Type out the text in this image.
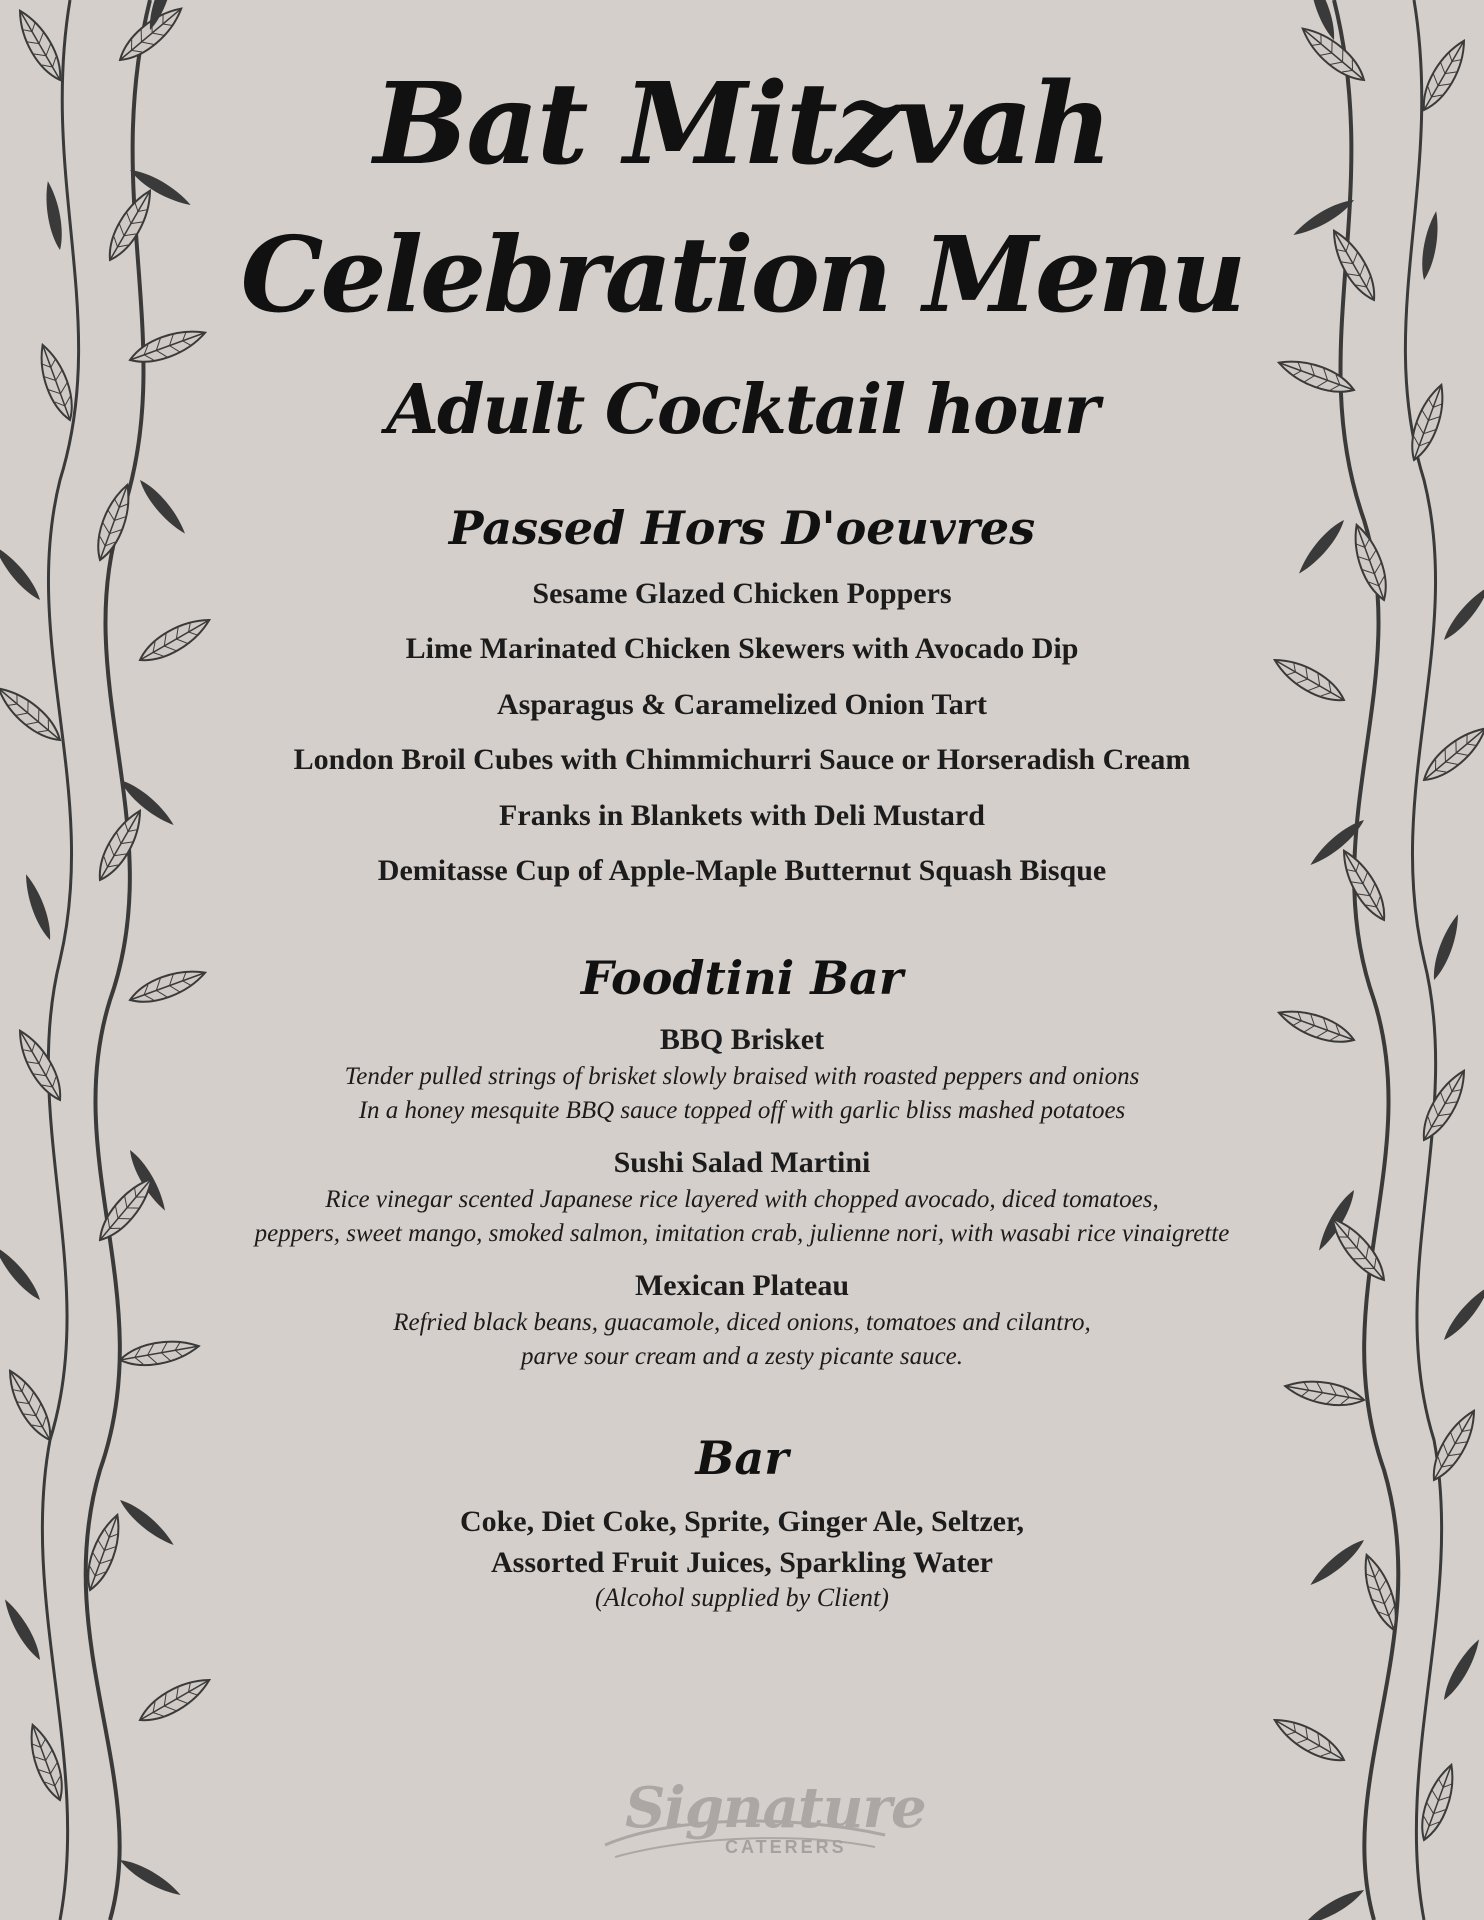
Bat Mitzvah
Celebration Menu
Adult Cocktail hour
Passed Hors D'oeuvres
Sesame Glazed Chicken Poppers
Lime Marinated Chicken Skewers with Avocado Dip
Asparagus & Caramelized Onion Tart
London Broil Cubes with Chimmichurri Sauce or Horseradish Cream
Franks in Blankets with Deli Mustard
Demitasse Cup of Apple-Maple Butternut Squash Bisque
Foodtini Bar
BBQ Brisket
Tender pulled strings of brisket slowly braised with roasted peppers and onions
In a honey mesquite BBQ sauce topped off with garlic bliss mashed potatoes
Sushi Salad Martini
Rice vinegar scented Japanese rice layered with chopped avocado, diced tomatoes,
peppers, sweet mango, smoked salmon, imitation crab, julienne nori, with wasabi rice vinaigrette
Mexican Plateau
Refried black beans, guacamole, diced onions, tomatoes and cilantro,
parve sour cream and a zesty picante sauce.
Bar
Coke, Diet Coke, Sprite, Ginger Ale, Seltzer,
Assorted Fruit Juices, Sparkling Water
(Alcohol supplied by Client)
Signature
CATERERS
